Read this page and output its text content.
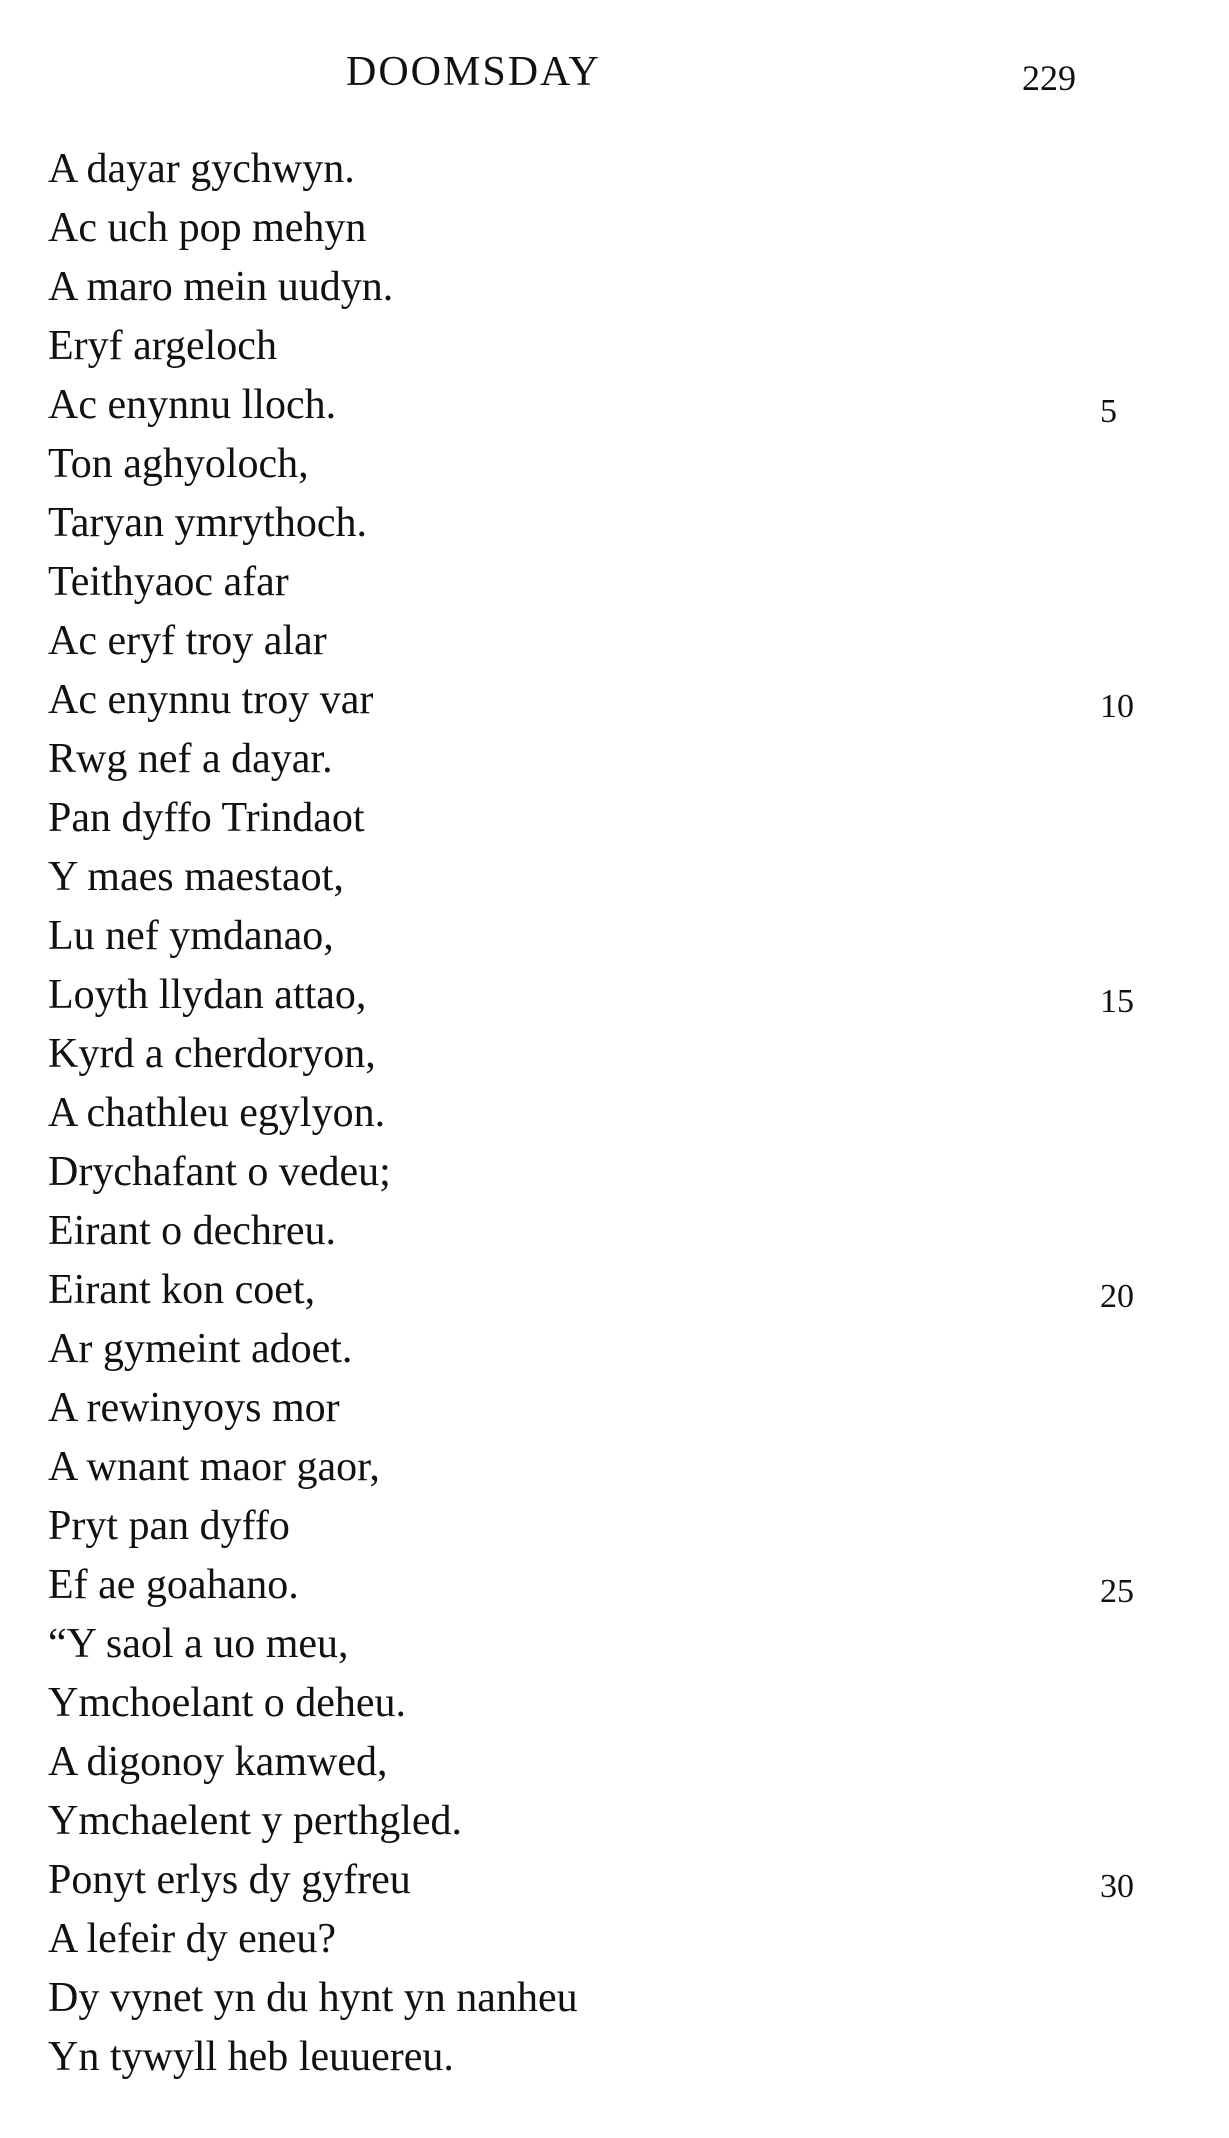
DOOMSDAY	229
A dayar gychwyn.
Ac uch pop mehyn
A maro mein uudyn.
Eryf argeloch
Ac enynnu lloch.	5
Ton aghyoloch,
Taryan ymrythoch.
Teithyaoc afar
Ac eryf troy alar
Ac enynnu troy var	10
Rwg nef a dayar.
Pan dyffo Trindaot
Y maes maestaot,
Lu nef ymdanao,
Loyth llydan attao,	15
Kyrd a cherdoryon,
A chathleu egylyon.
Drychafant o vedeu;
Eirant o dechreu.
Eirant kon coet,	20
Ar gymeint adoet.
A rewinyoys mor
A wnant maor gaor,
Pryt pan dyffo
Ef ae goahano.	25
“Y saol a uo meu,
Ymchoelant o deheu.
A digonoy kamwed,
Ymchaelent y perthgled.
Ponyt erlys dy gyfreu	30
A lefeir dy eneu?
Dy vynet yn du hynt yn nanheu
Yn tywyll heb leuuereu.
